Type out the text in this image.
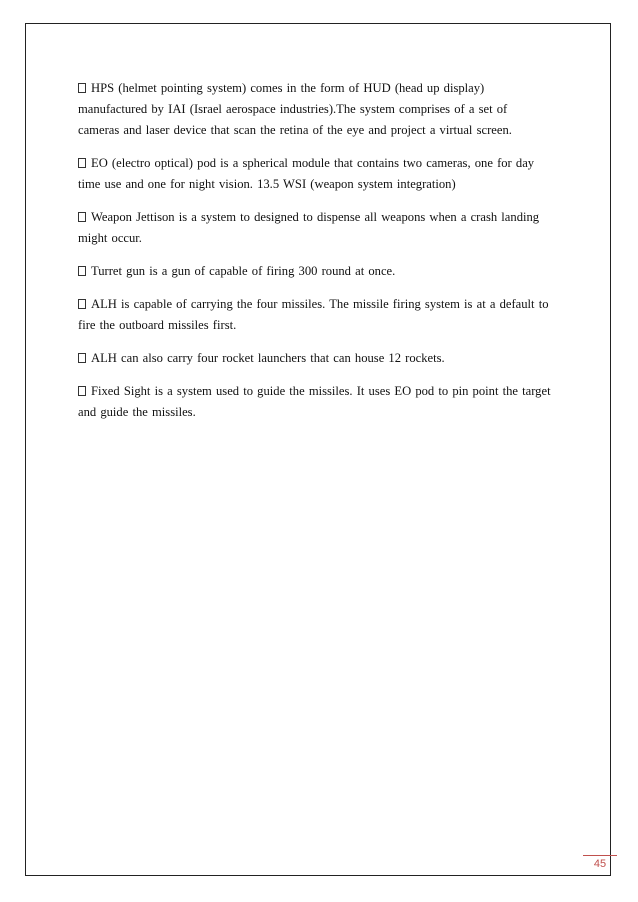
HPS (helmet pointing system) comes in the form of HUD (head up display) manufactured by IAI (Israel aerospace industries).The system comprises of a set of cameras and laser device that scan the retina of the eye and project a virtual screen.

EO (electro optical) pod is a spherical module that contains two cameras, one for day time use and one for night vision. 13.5 WSI (weapon system integration)

Weapon Jettison is a system to designed to dispense all weapons when a crash landing might occur.

Turret gun is a gun of capable of firing 300 round at once.

ALH is capable of carrying the four missiles. The missile firing system is at a default to fire the outboard missiles first.

ALH can also carry four rocket launchers that can house 12 rockets.

Fixed Sight is a system used to guide the missiles. It uses EO pod to pin point the target and guide the missiles.

45
